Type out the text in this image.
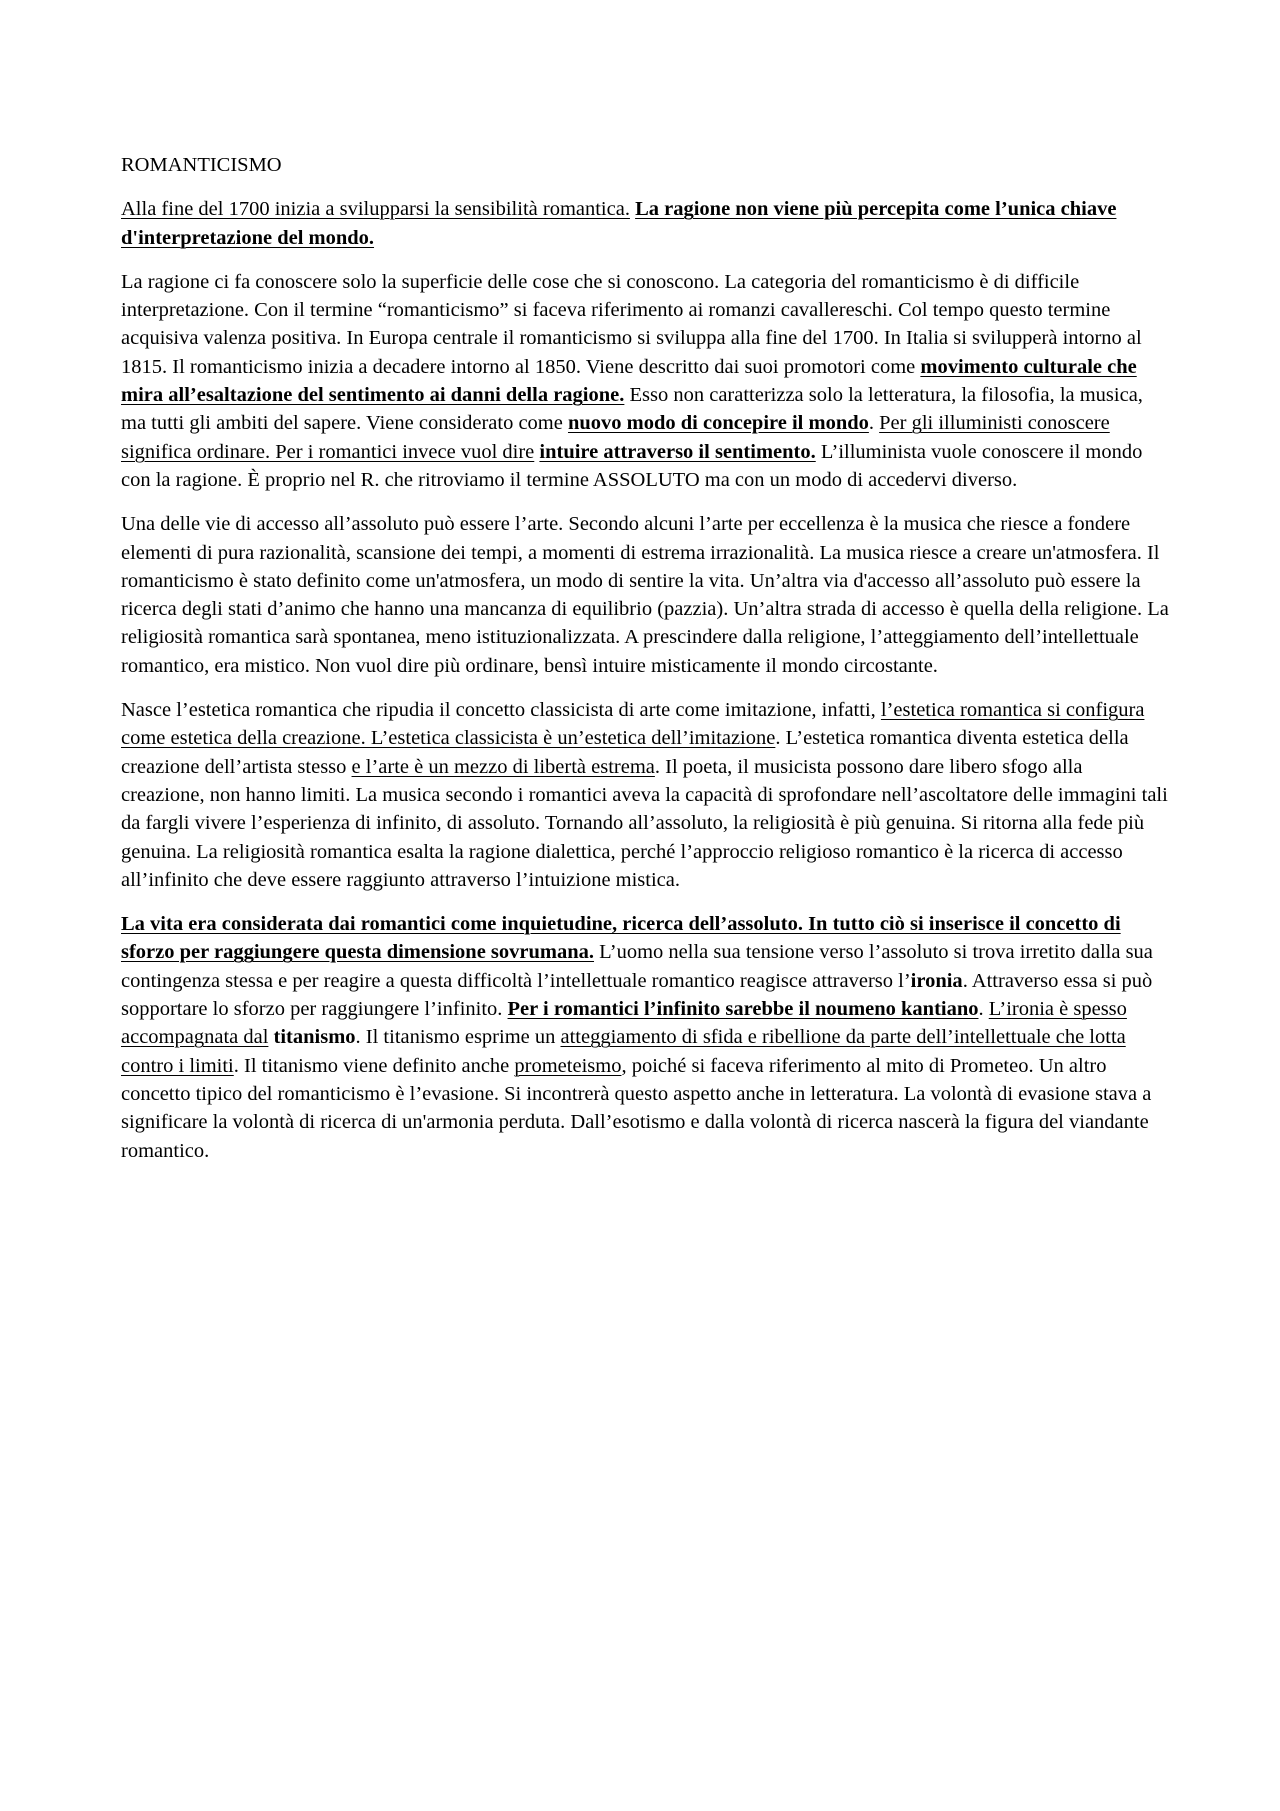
ROMANTICISMO

Alla fine del 1700 inizia a svilupparsi la sensibilità romantica. La ragione non viene più percepita come l’unica chiave d'interpretazione del mondo.

La ragione ci fa conoscere solo la superficie delle cose che si conoscono. La categoria del romanticismo è di difficile interpretazione. Con il termine “romanticismo” si faceva riferimento ai romanzi cavallereschi. Col tempo questo termine acquisiva valenza positiva. In Europa centrale il romanticismo si sviluppa alla fine del 1700. In Italia si svilupperà intorno al 1815. Il romanticismo inizia a decadere intorno al 1850. Viene descritto dai suoi promotori come movimento culturale che mira all’esaltazione del sentimento ai danni della ragione. Esso non caratterizza solo la letteratura, la filosofia, la musica, ma tutti gli ambiti del sapere. Viene considerato come nuovo modo di concepire il mondo. Per gli illuministi conoscere significa ordinare. Per i romantici invece vuol dire intuire attraverso il sentimento. L’illuminista vuole conoscere il mondo con la ragione. È proprio nel R. che ritroviamo il termine ASSOLUTO ma con un modo di accedervi diverso.

Una delle vie di accesso all’assoluto può essere l’arte. Secondo alcuni l’arte per eccellenza è la musica che riesce a fondere elementi di pura razionalità, scansione dei tempi, a momenti di estrema irrazionalità. La musica riesce a creare un'atmosfera. Il romanticismo è stato definito come un'atmosfera, un modo di sentire la vita. Un’altra via d'accesso all’assoluto può essere la ricerca degli stati d’animo che hanno una mancanza di equilibrio (pazzia). Un’altra strada di accesso è quella della religione. La religiosità romantica sarà spontanea, meno istituzionalizzata. A prescindere dalla religione, l’atteggiamento dell’intellettuale romantico, era mistico. Non vuol dire più ordinare, bensì intuire misticamente il mondo circostante.

Nasce l’estetica romantica che ripudia il concetto classicista di arte come imitazione, infatti, l’estetica romantica si configura come estetica della creazione. L’estetica classicista è un’estetica dell’imitazione. L’estetica romantica diventa estetica della creazione dell’artista stesso e l’arte è un mezzo di libertà estrema. Il poeta, il musicista possono dare libero sfogo alla creazione, non hanno limiti. La musica secondo i romantici aveva la capacità di sprofondare nell’ascoltatore delle immagini tali da fargli vivere l’esperienza di infinito, di assoluto. Tornando all’assoluto, la religiosità è più genuina. Si ritorna alla fede più genuina. La religiosità romantica esalta la ragione dialettica, perché l’approccio religioso romantico è la ricerca di accesso all’infinito che deve essere raggiunto attraverso l’intuizione mistica.

La vita era considerata dai romantici come inquietudine, ricerca dell’assoluto. In tutto ciò si inserisce il concetto di sforzo per raggiungere questa dimensione sovrumana. L’uomo nella sua tensione verso l’assoluto si trova irretito dalla sua contingenza stessa e per reagire a questa difficoltà l’intellettuale romantico reagisce attraverso l’ironia. Attraverso essa si può sopportare lo sforzo per raggiungere l’infinito. Per i romantici l’infinito sarebbe il noumeno kantiano. L’ironia è spesso accompagnata dal titanismo. Il titanismo esprime un atteggiamento di sfida e ribellione da parte dell’intellettuale che lotta contro i limiti. Il titanismo viene definito anche prometeismo, poiché si faceva riferimento al mito di Prometeo. Un altro concetto tipico del romanticismo è l’evasione. Si incontrerà questo aspetto anche in letteratura. La volontà di evasione stava a significare la volontà di ricerca di un'armonia perduta. Dall’esotismo e dalla volontà di ricerca nascerà la figura del viandante romantico.
